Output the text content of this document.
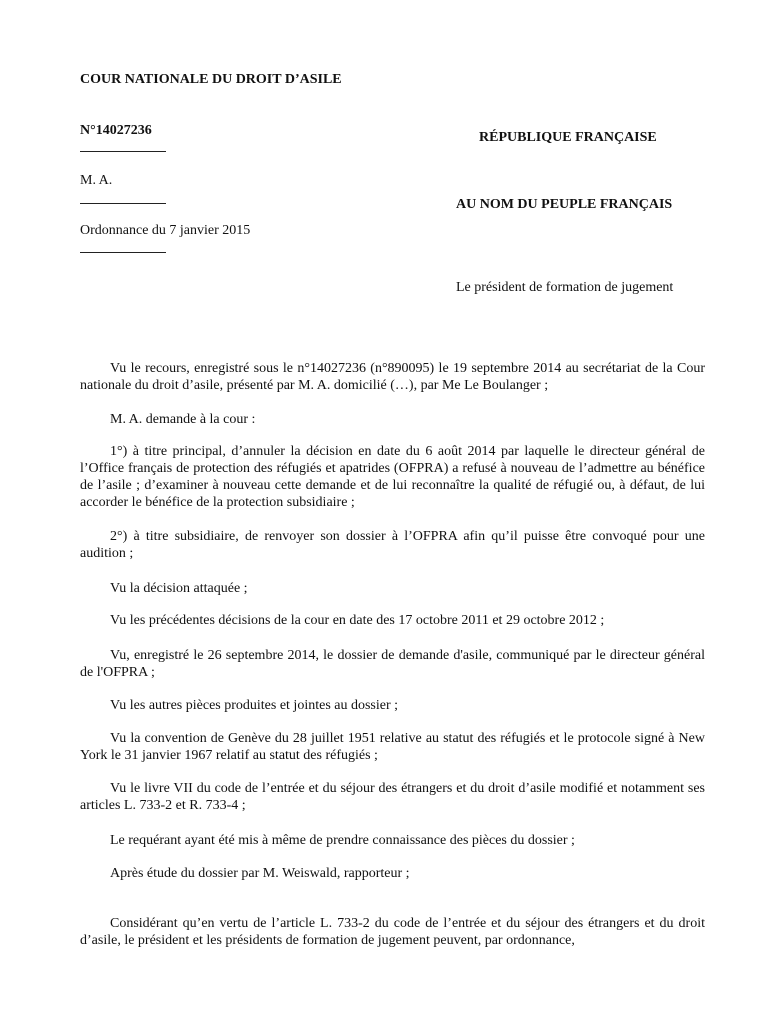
COUR NATIONALE DU DROIT D’ASILE
N°14027236
M. A.
Ordonnance du 7 janvier 2015
RÉPUBLIQUE FRANÇAISE
AU NOM DU PEUPLE FRANÇAIS
Le président de formation de jugement

Vu le recours, enregistré sous le n°14027236 (n°890095) le 19 septembre 2014 au secrétariat de la Cour nationale du droit d’asile, présenté par M. A. domicilié (…), par Me Le Boulanger ;

M. A. demande à la cour :

1°) à titre principal, d’annuler la décision en date du 6 août 2014 par laquelle le directeur général de l’Office français de protection des réfugiés et apatrides (OFPRA) a refusé à nouveau de l’admettre au bénéfice de l’asile ; d’examiner à nouveau cette demande et de lui reconnaître la qualité de réfugié ou, à défaut, de lui accorder le bénéfice de la protection subsidiaire ;

2°) à titre subsidiaire, de renvoyer son dossier à l’OFPRA afin qu’il puisse être convoqué pour une audition ;

Vu la décision attaquée ;

Vu les précédentes décisions de la cour en date des 17 octobre 2011 et 29 octobre 2012 ;

Vu, enregistré le 26 septembre 2014, le dossier de demande d'asile, communiqué par le directeur général de l'OFPRA ;

Vu les autres pièces produites et jointes au dossier ;

Vu la convention de Genève du 28 juillet 1951 relative au statut des réfugiés et le protocole signé à New York le 31 janvier 1967 relatif au statut des réfugiés ;

Vu le livre VII du code de l’entrée et du séjour des étrangers et du droit d’asile modifié et notamment ses articles L. 733-2 et R. 733-4 ;

Le requérant ayant été mis à même de prendre connaissance des pièces du dossier ;

Après étude du dossier par M. Weiswald, rapporteur ;

Considérant qu’en vertu de l’article L. 733-2 du code de l’entrée et du séjour des étrangers et du droit d’asile, le président et les présidents de formation de jugement peuvent, par ordonnance,
